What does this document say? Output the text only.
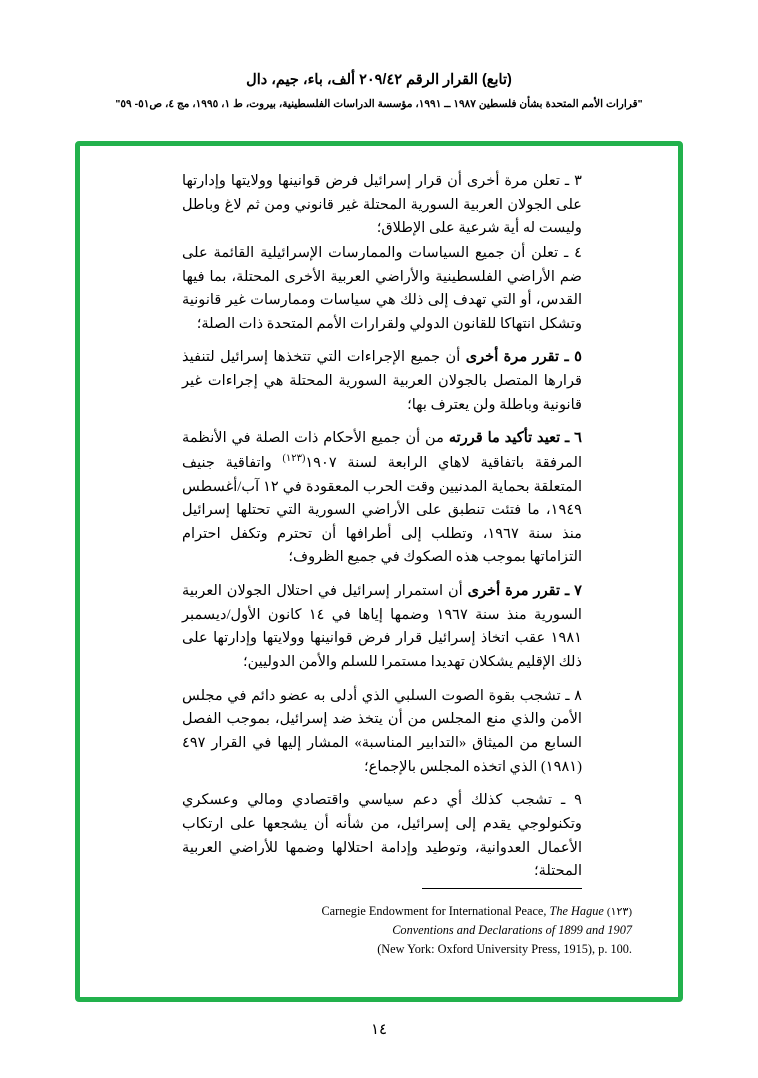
(تابع) القرار الرقم ٢٠٩/٤٢ ألف، باء، جيم، دال
"قرارات الأمم المتحدة بشأن فلسطين ١٩٨٧ ــ ١٩٩١، مؤسسة الدراسات الفلسطينية، بيروت، ط ١، ١٩٩٥، مج ٤، ص٥١- ٥٩"

٣ ـ تعلن مرة أخرى أن قرار إسرائيل فرض قوانينها وولايتها وإدارتها على الجولان العربية السورية المحتلة غير قانوني ومن ثم لاغ وباطل وليست له أية شرعية على الإطلاق؛

٤ ـ تعلن أن جميع السياسات والممارسات الإسرائيلية القائمة على ضم الأراضي الفلسطينية والأراضي العربية الأخرى المحتلة، بما فيها القدس، أو التي تهدف إلى ذلك هي سياسات وممارسات غير قانونية وتشكل انتهاكا للقانون الدولي ولقرارات الأمم المتحدة ذات الصلة؛

٥ ـ تقرر مرة أخرى أن جميع الإجراءات التي تتخذها إسرائيل لتنفيذ قرارها المتصل بالجولان العربية السورية المحتلة هي إجراءات غير قانونية وباطلة ولن يعترف بها؛

٦ ـ تعيد تأكيد ما قررته من أن جميع الأحكام ذات الصلة في الأنظمة المرفقة باتفاقية لاهاي الرابعة لسنة ١٩٠٧$^{(١٢٣)}$ واتفاقية جنيف المتعلقة بحماية المدنيين وقت الحرب المعقودة في ١٢ آب/أغسطس ١٩٤٩، ما فتئت تنطبق على الأراضي السورية التي تحتلها إسرائيل منذ سنة ١٩٦٧، وتطلب إلى أطرافها أن تحترم وتكفل احترام التزاماتها بموجب هذه الصكوك في جميع الظروف؛

٧ ـ تقرر مرة أخرى أن استمرار إسرائيل في احتلال الجولان العربية السورية منذ سنة ١٩٦٧ وضمها إياها في ١٤ كانون الأول/ديسمبر ١٩٨١ عقب اتخاذ إسرائيل قرار فرض قوانينها وولايتها وإدارتها على ذلك الإقليم يشكلان تهديدا مستمرا للسلم والأمن الدوليين؛

٨ ـ تشجب بقوة الصوت السلبي الذي أدلى به عضو دائم في مجلس الأمن والذي منع المجلس من أن يتخذ ضد إسرائيل، بموجب الفصل السابع من الميثاق «التدابير المناسبة» المشار إليها في القرار ٤٩٧ (١٩٨١) الذي اتخذه المجلس بالإجماع؛

٩ ـ تشجب كذلك أي دعم سياسي واقتصادي ومالي وعسكري وتكنولوجي يقدم إلى إسرائيل، من شأنه أن يشجعها على ارتكاب الأعمال العدوانية، وتوطيد وإدامة احتلالها وضمها للأراضي العربية المحتلة؛

Carnegie Endowment for International Peace, The Hague (١٢٣)
Conventions and Declarations of 1899 and 1907
(New York: Oxford University Press, 1915), p. 100.
١٤
